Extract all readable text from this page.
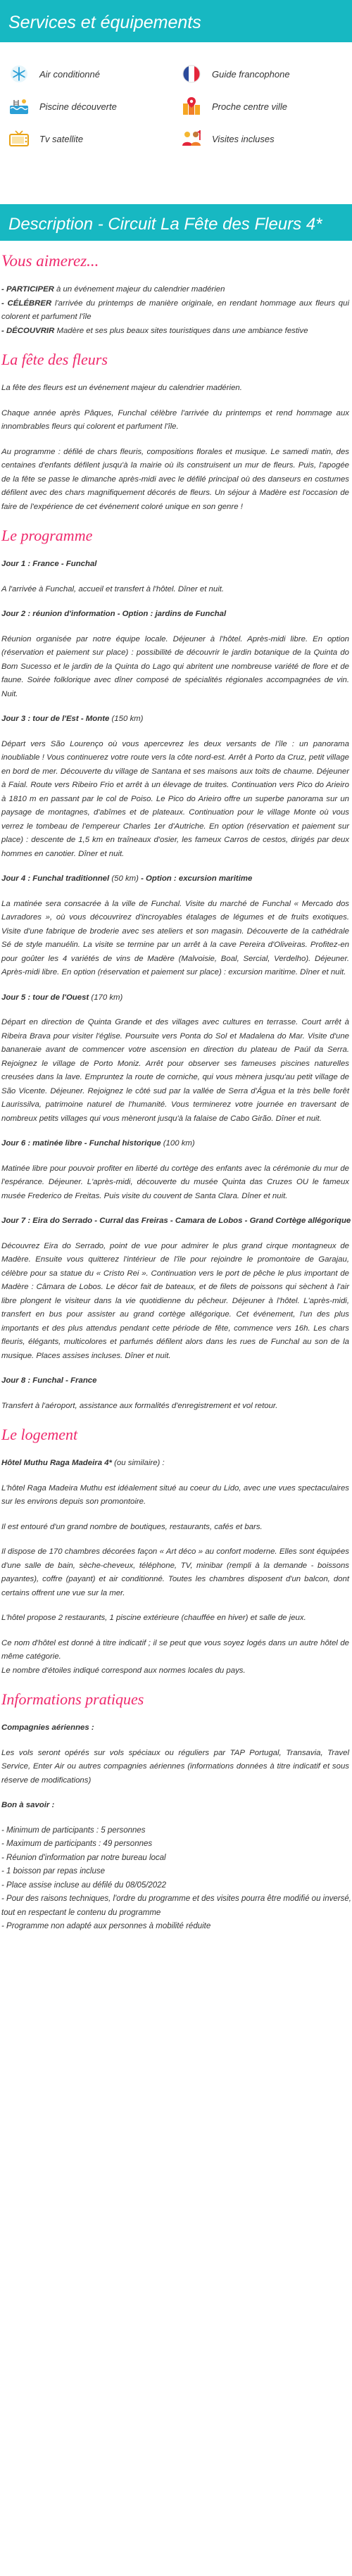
Services et équipements
Air conditionné	Guide francophone
Piscine découverte	Proche centre ville
Tv satellite	Visites incluses
Description - Circuit La Fête des Fleurs 4*
Vous aimerez...

- PARTICIPER à un événement majeur du calendrier madérien
- CÉLÉBRER l'arrivée du printemps de manière originale, en rendant hommage aux fleurs qui colorent et parfument l'île
- DÉCOUVRIR Madère et ses plus beaux sites touristiques dans une ambiance festive

La fête des fleurs

La fête des fleurs est un événement majeur du calendrier madérien.

Chaque année après Pâques, Funchal célèbre l'arrivée du printemps et rend hommage aux innombrables fleurs qui colorent et parfument l'île.

Au programme : défilé de chars fleuris, compositions florales et musique. Le samedi matin, des centaines d'enfants défilent jusqu'à la mairie où ils construisent un mur de fleurs. Puis, l'apogée de la fête se passe le dimanche après-midi avec le défilé principal où des danseurs en costumes défilent avec des chars magnifiquement décorés de fleurs. Un séjour à Madère est l'occasion de faire de l'expérience de cet événement coloré unique en son genre !

Le programme
Jour 1 : France - Funchal

A l'arrivée à Funchal, accueil et transfert à l'hôtel. Dîner et nuit.

Jour 2 : réunion d'information - Option : jardins de Funchal

Réunion organisée par notre équipe locale. Déjeuner à l'hôtel. Après-midi libre. En option (réservation et paiement sur place) : possibilité de découvrir le jardin botanique de la Quinta do Bom Sucesso et le jardin de la Quinta do Lago qui abritent une nombreuse variété de flore et de faune. Soirée folklorique avec dîner composé de spécialités régionales accompagnées de vin. Nuit.

Jour 3 : tour de l'Est - Monte (150 km)

Départ vers São Lourenço où vous apercevrez les deux versants de l'île : un panorama inoubliable ! Vous continuerez votre route vers la côte nord-est. Arrêt à Porto da Cruz, petit village en bord de mer. Découverte du village de Santana et ses maisons aux toits de chaume. Déjeuner à Faial. Route vers Ribeiro Frio et arrêt à un élevage de truites. Continuation vers Pico do Arieiro à 1810 m en passant par le col de Poiso. Le Pico do Arieiro offre un superbe panorama sur un paysage de montagnes, d'abîmes et de plateaux. Continuation pour le village Monte où vous verrez le tombeau de l'empereur Charles 1er d'Autriche. En option (réservation et paiement sur place) : descente de 1,5 km en traîneaux d'osier, les fameux Carros de cestos, dirigés par deux hommes en canotier. Dîner et nuit.

Jour 4 : Funchal traditionnel (50 km) - Option : excursion maritime

La matinée sera consacrée à la ville de Funchal. Visite du marché de Funchal « Mercado dos Lavradores », où vous découvrirez d'incroyables étalages de légumes et de fruits exotiques. Visite d'une fabrique de broderie avec ses ateliers et son magasin. Découverte de la cathédrale Sé de style manuélin. La visite se termine par un arrêt à la cave Pereira d'Oliveiras. Profitez-en pour goûter les 4 variétés de vins de Madère (Malvoisie, Boal, Sercial, Verdelho). Déjeuner. Après-midi libre. En option (réservation et paiement sur place) : excursion maritime. Dîner et nuit.

Jour 5 : tour de l'Ouest (170 km)

Départ en direction de Quinta Grande et des villages avec cultures en terrasse. Court arrêt à Ribeira Brava pour visiter l'église. Poursuite vers Ponta do Sol et Madalena do Mar. Visite d'une bananeraie avant de commencer votre ascension en direction du plateau de Paúl da Serra. Rejoignez le village de Porto Moniz. Arrêt pour observer ses fameuses piscines naturelles creusées dans la lave. Empruntez la route de corniche, qui vous mènera jusqu'au petit village de São Vicente. Déjeuner. Rejoignez le côté sud par la vallée de Serra d'Água et la très belle forêt Laurissilva, patrimoine naturel de l'humanité. Vous terminerez votre journée en traversant de nombreux petits villages qui vous mèneront jusqu'à la falaise de Cabo Girão. Dîner et nuit.

Jour 6 : matinée libre - Funchal historique (100 km)

Matinée libre pour pouvoir profiter en liberté du cortège des enfants avec la cérémonie du mur de l'espérance. Déjeuner. L'après-midi, découverte du musée Quinta das Cruzes OU le fameux musée Frederico de Freitas. Puis visite du couvent de Santa Clara. Dîner et nuit.

Jour 7 : Eira do Serrado - Curral das Freiras - Camara de Lobos - Grand Cortège allégorique

Découvrez Eira do Serrado, point de vue pour admirer le plus grand cirque montagneux de Madère. Ensuite vous quitterez l'intérieur de l'île pour rejoindre le promontoire de Garajau, célèbre pour sa statue du « Cristo Rei ». Continuation vers le port de pêche le plus important de Madère : Câmara de Lobos. Le décor fait de bateaux, et de filets de poissons qui sèchent à l'air libre plongent le visiteur dans la vie quotidienne du pêcheur. Déjeuner à l'hôtel. L'après-midi, transfert en bus pour assister au grand cortège allégorique. Cet événement, l'un des plus importants et des plus attendus pendant cette période de fête, commence vers 16h. Les chars fleuris, élégants, multicolores et parfumés défilent alors dans les rues de Funchal au son de la musique. Places assises incluses. Dîner et nuit.

Jour 8 : Funchal - France

Transfert à l'aéroport, assistance aux formalités d'enregistrement et vol retour.

Le logement
Hôtel Muthu Raga Madeira 4* (ou similaire) :

L'hôtel Raga Madeira Muthu est idéalement situé au coeur du Lido, avec une vues spectaculaires sur les environs depuis son promontoire.

Il est entouré d'un grand nombre de boutiques, restaurants, cafés et bars.

Il dispose de 170 chambres décorées façon « Art déco » au confort moderne. Elles sont équipées d'une salle de bain, sèche-cheveux, téléphone, TV, minibar (rempli à la demande - boissons payantes), coffre (payant) et air conditionné. Toutes les chambres disposent d'un balcon, dont certains offrent une vue sur la mer.

L'hôtel propose 2 restaurants, 1 piscine extérieure (chauffée en hiver) et salle de jeux.

Ce nom d'hôtel est donné à titre indicatif ; il se peut que vous soyez logés dans un autre hôtel de même catégorie.

Le nombre d'étoiles indiqué correspond aux normes locales du pays.

Informations pratiques
Compagnies aériennes :

Les vols seront opérés sur vols spéciaux ou réguliers par TAP Portugal, Transavia, Travel Service, Enter Air ou autres compagnies aériennes (informations données à titre indicatif et sous réserve de modifications)

Bon à savoir :
- Minimum de participants : 5 personnes
- Maximum de participants : 49 personnes
- Réunion d'information par notre bureau local
- 1 boisson par repas incluse
- Place assise incluse au défilé du 08/05/2022
- Pour des raisons techniques, l'ordre du programme et des visites pourra être modifié ou inversé, tout en respectant le contenu du programme
- Programme non adapté aux personnes à mobilité réduite
